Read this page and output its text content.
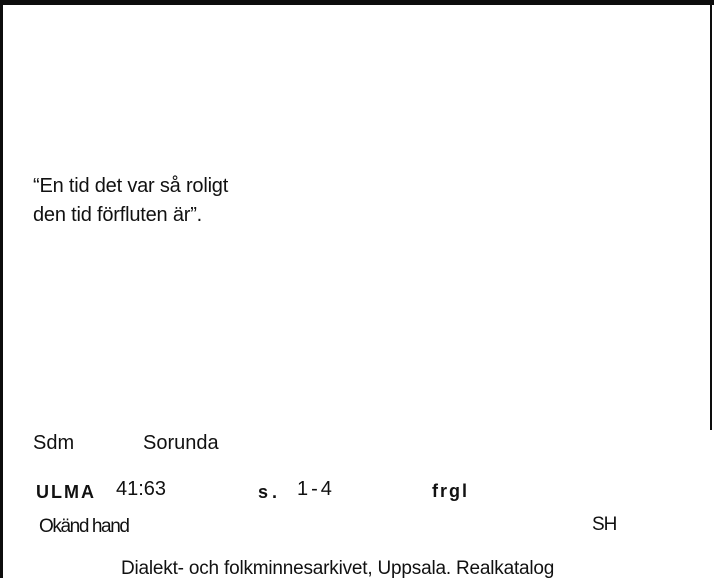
“En tid det var så roligt
den tid förfluten är”.
Sdm	Sorunda
ULMA 41:63	s. 1-4	frgl
Okänd hand	SH
Dialekt- och folkminnesarkivet, Uppsala. Realkatalog
